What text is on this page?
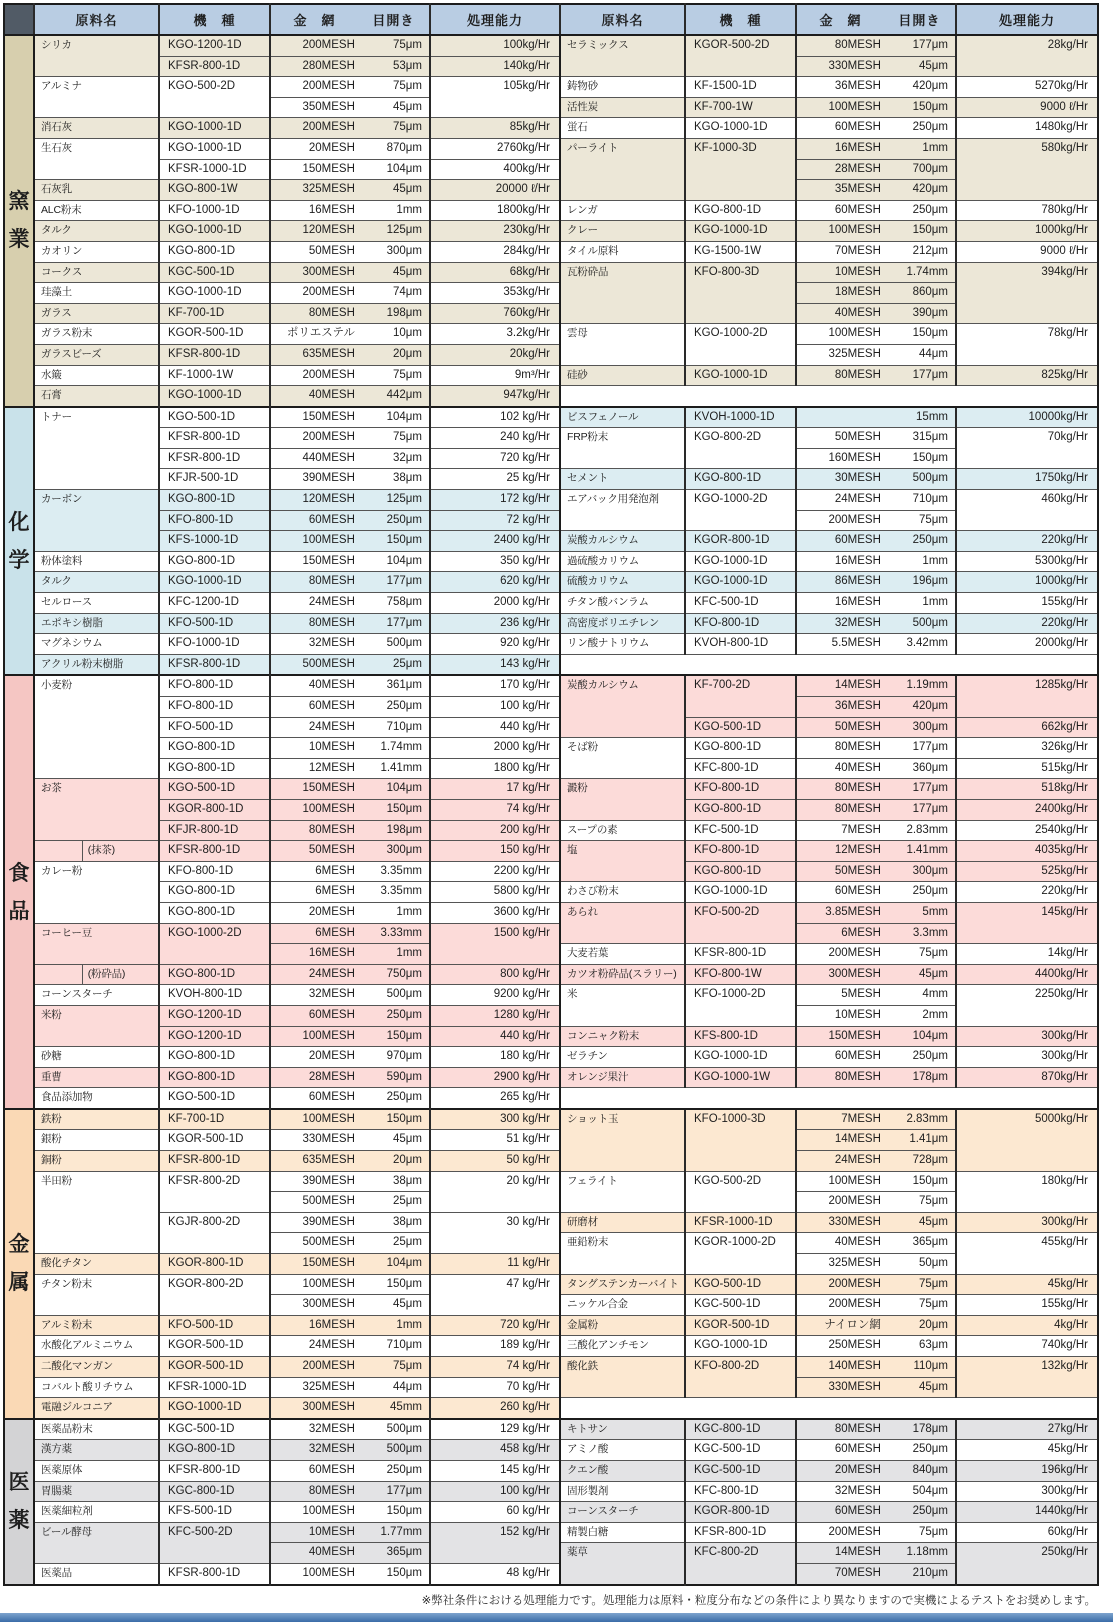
	原料名	機　種	金　網 目開き	処理能力	原料名	機　種	金　網 目開き	処理能力

窯
業
	シリカ	KGO-1200-1D	200MESH	75μm	100kg/Hr	セラミックス	KGOR-500-2D	80MESH	177μm	28kg/Hr
		KFSR-800-1D	280MESH 53μm	140kg/Hr			330MESH 45μm	

	アルミナ	KGO-500-2D	200MESH 75μm	105kg/Hr	鋳物砂	KF-1500-1D	36MESH 420μm	5270kg/Hr

			350MESH 45μm		活性炭	KF-700-1W	100MESH 150μm	9000 ℓ/Hr
	消石灰	KGO-1000-1D	200MESH 75μm	85kg/Hr	蛍石	KGO-1000-1D	60MESH 250μm	1480kg/Hr
	生石灰	KGO-1000-1D	20MESH 870μm	2760kg/Hr	パーライト	KF-1000-3D	16MESH 1mm	580kg/Hr
		KFSR-1000-1D	150MESH 104μm	400kg/Hr			28MESH 700μm	

	石灰乳	KGO-800-1W	325MESH 45μm	20000 ℓ/Hr			35MESH 420μm	

	ALC粉末	KFO-1000-1D	16MESH 1mm	1800kg/Hr	レンガ	KGO-800-1D	60MESH 250μm	780kg/Hr
	タルク	KGO-1000-1D	120MESH 125μm	230kg/Hr	クレー	KGO-1000-1D	100MESH 150μm	1000kg/Hr
	カオリン	KGO-800-1D	50MESH 300μm	284kg/Hr	タイル原料	KG-1500-1W	70MESH 212μm	9000 ℓ/Hr
	コークス	KGC-500-1D	300MESH 45μm	68kg/Hr	瓦粉砕品	KFO-800-3D	10MESH 1.74mm	394kg/Hr
	珪藻土	KGO-1000-1D	200MESH 74μm	353kg/Hr			18MESH 860μm	

	ガラス	KF-700-1D	80MESH 198μm	760kg/Hr			40MESH 390μm	

	ガラス粉末	KGOR-500-1D	ポリエステル 10μm	3.2kg/Hr	雲母	KGO-1000-2D	100MESH 150μm	78kg/Hr
	ガラスビーズ	KFSR-800-1D	635MESH 20μm	20kg/Hr			325MESH 44μm	

	水簸	KF-1000-1W	200MESH 75μm	9m³/Hr	硅砂	KGO-1000-1D	80MESH 177μm	825kg/Hr
	石膏	KGO-1000-1D	40MESH 442μm	947kg/Hr				

化
学
	トナー	KGO-500-1D	150MESH	104μm	102 kg/Hr	ビスフェノール	KVOH-1000-1D	15mm	10000kg/Hr
		KFSR-800-1D	200MESH 75μm	240 kg/Hr	FRP粉末	KGO-800-2D	50MESH 315μm	70kg/Hr
		KFSR-800-1D	440MESH 32μm	720 kg/Hr			160MESH 150μm	

		KFJR-500-1D	390MESH 38μm	25 kg/Hr	セメント	KGO-800-1D	30MESH 500μm	1750kg/Hr
	カーボン	KGO-800-1D	120MESH 125μm	172 kg/Hr	エアバック用発泡剤	KGO-1000-2D	24MESH 710μm	460kg/Hr
		KFO-800-1D	60MESH 250μm	72 kg/Hr			200MESH 75μm	

		KFS-1000-1D	100MESH 150μm	2400 kg/Hr	炭酸カルシウム	KGOR-800-1D	60MESH 250μm	220kg/Hr
	粉体塗料	KGO-800-1D	150MESH 104μm	350 kg/Hr	過硫酸カリウム	KGO-1000-1D	16MESH 1mm	5300kg/Hr
	タルク	KGO-1000-1D	80MESH 177μm	620 kg/Hr	硫酸カリウム	KGO-1000-1D	86MESH 196μm	1000kg/Hr
	セルロース	KFC-1200-1D	24MESH 758μm	2000 kg/Hr	チタン酸バンラム	KFC-500-1D	16MESH 1mm	155kg/Hr
	エポキシ樹脂	KFO-500-1D	80MESH 177μm	236 kg/Hr	高密度ポリエチレン	KFO-800-1D	32MESH 500μm	220kg/Hr
	マグネシウム	KFO-1000-1D	32MESH 500μm	920 kg/Hr	リン酸ナトリウム	KVOH-800-1D	5.5MESH 3.42mm	2000kg/Hr
	アクリル粉末樹脂	KFSR-800-1D	500MESH 25μm	143 kg/Hr				

食
品
	小麦粉	KFO-800-1D	40MESH	361μm	170 kg/Hr	炭酸カルシウム	KF-700-2D	14MESH	1.19mm	1285kg/Hr
		KFO-800-1D	60MESH 250μm	100 kg/Hr			36MESH 420μm	

		KFO-500-1D	24MESH 710μm	440 kg/Hr		KGO-500-1D	50MESH 300μm	662kg/Hr
		KGO-800-1D	10MESH 1.74mm	2000 kg/Hr	そば粉	KGO-800-1D	80MESH 177μm	326kg/Hr
		KGO-800-1D	12MESH 1.41mm	1800 kg/Hr		KFC-800-1D	40MESH 360μm	515kg/Hr
	お茶	KGO-500-1D	150MESH 104μm	17 kg/Hr	澱粉	KFO-800-1D	80MESH 177μm	518kg/Hr
		KGOR-800-1D	100MESH 150μm	74 kg/Hr		KGO-800-1D	80MESH 177μm	2400kg/Hr
		KFJR-800-1D	80MESH 198μm	200 kg/Hr	スープの素	KFC-500-1D	7MESH 2.83mm	2540kg/Hr

	(抹茶)	KFSR-800-1D	50MESH 300μm	150 kg/Hr	塩	KFO-800-1D	12MESH 1.41mm	4035kg/Hr
	カレー粉	KFO-800-1D	6MESH 3.35mm	2200 kg/Hr		KGO-800-1D	50MESH 300μm	525kg/Hr
		KGO-800-1D	6MESH 3.35mm	5800 kg/Hr	わさび粉末	KGO-1000-1D	60MESH 250μm	220kg/Hr
		KGO-800-1D	20MESH 1mm	3600 kg/Hr	あられ	KFO-500-2D	3.85MESH 5mm	145kg/Hr
	コーヒー豆	KGO-1000-2D	6MESH 3.33mm	1500 kg/Hr			6MESH 3.3mm	

			16MESH 1mm		大麦若葉	KFSR-800-1D	200MESH 75μm	14kg/Hr

	(粉砕品)	KGO-800-1D	24MESH 750μm	800 kg/Hr	カツオ粉砕品(スラリー)	KFO-800-1W	300MESH 45μm	4400kg/Hr
	コーンスターチ	KVOH-800-1D	32MESH 500μm	9200 kg/Hr	米	KFO-1000-2D	5MESH 4mm	2250kg/Hr
	米粉	KGO-1200-1D	60MESH 250μm	1280 kg/Hr			10MESH 2mm	

		KGO-1200-1D	100MESH 150μm	440 kg/Hr	コンニャク粉末	KFS-800-1D	150MESH 104μm	300kg/Hr
	砂糖	KGO-800-1D	20MESH 970μm	180 kg/Hr	ゼラチン	KGO-1000-1D	60MESH 250μm	300kg/Hr
	重曹	KGO-800-1D	28MESH 590μm	2900 kg/Hr	オレンジ果汁	KGO-1000-1W	80MESH 178μm	870kg/Hr
	食品添加物	KGO-500-1D	60MESH 250μm	265 kg/Hr				

金
属
	鉄粉	KF-700-1D	100MESH	150μm	300 kg/Hr	ショット玉	KFO-1000-3D	7MESH	2.83mm	5000kg/Hr
	銀粉	KGOR-500-1D	330MESH 45μm	51 kg/Hr			14MESH 1.41μm	

	銅粉	KFSR-800-1D	635MESH 20μm	50 kg/Hr			24MESH 728μm	

	半田粉	KFSR-800-2D	390MESH 38μm	20 kg/Hr	フェライト	KGO-500-2D	100MESH 150μm	180kg/Hr

			500MESH 25μm				200MESH 75μm	

		KGJR-800-2D	390MESH 38μm	30 kg/Hr	研磨材	KFSR-1000-1D	330MESH 45μm	300kg/Hr

			500MESH 25μm		亜鉛粉末	KGOR-1000-2D	40MESH 365μm	455kg/Hr
	酸化チタン	KGOR-800-1D	150MESH 104μm	11 kg/Hr			325MESH 50μm	

	チタン粉末	KGOR-800-2D	100MESH 150μm	47 kg/Hr	タングステンカーバイト	KGO-500-1D	200MESH 75μm	45kg/Hr

			300MESH 45μm		ニッケル合金	KGC-500-1D	200MESH 75μm	155kg/Hr
	アルミ粉末	KFO-500-1D	16MESH 1mm	720 kg/Hr	金属粉	KGOR-500-1D	ナイロン網 20μm	4kg/Hr
	水酸化アルミニウム	KGOR-500-1D	24MESH 710μm	189 kg/Hr	三酸化アンチモン	KGO-1000-1D	250MESH 63μm	740kg/Hr
	二酸化マンガン	KGOR-500-1D	200MESH 75μm	74 kg/Hr	酸化鉄	KFO-800-2D	140MESH 110μm	132kg/Hr
	コバルト酸リチウム	KFSR-1000-1D	325MESH 44μm	70 kg/Hr			330MESH 45μm	

	電融ジルコニア	KGO-1000-1D	300MESH 45mm	260 kg/Hr				

医
薬
	医薬品粉末	KGC-500-1D	32MESH	500μm	129 kg/Hr	キトサン	KGC-800-1D	80MESH	178μm	27kg/Hr
	漢方薬	KGO-800-1D	32MESH 500μm	458 kg/Hr	アミノ酸	KGC-500-1D	60MESH 250μm	45kg/Hr
	医薬原体	KFSR-800-1D	60MESH 250μm	145 kg/Hr	クエン酸	KGC-500-1D	20MESH 840μm	196kg/Hr
	胃腸薬	KGC-800-1D	80MESH 177μm	100 kg/Hr	固形製剤	KFC-800-1D	32MESH 504μm	300kg/Hr
	医薬細粒剤	KFS-500-1D	100MESH 150μm	60 kg/Hr	コーンスターチ	KGOR-800-1D	60MESH 250μm	1440kg/Hr
	ビール酵母	KFC-500-2D	10MESH 1.77mm	152 kg/Hr	精製白糖	KFSR-800-1D	200MESH 75μm	60kg/Hr

			40MESH 365μm		薬草	KFC-800-2D	14MESH 1.18mm	250kg/Hr
	医薬品	KFSR-800-1D	100MESH 150μm	48 kg/Hr			70MESH 210μm	
※弊社条件における処理能力です。処理能力は原料・粒度分布などの条件により異なりますので実機によるテストをお奨めします。
